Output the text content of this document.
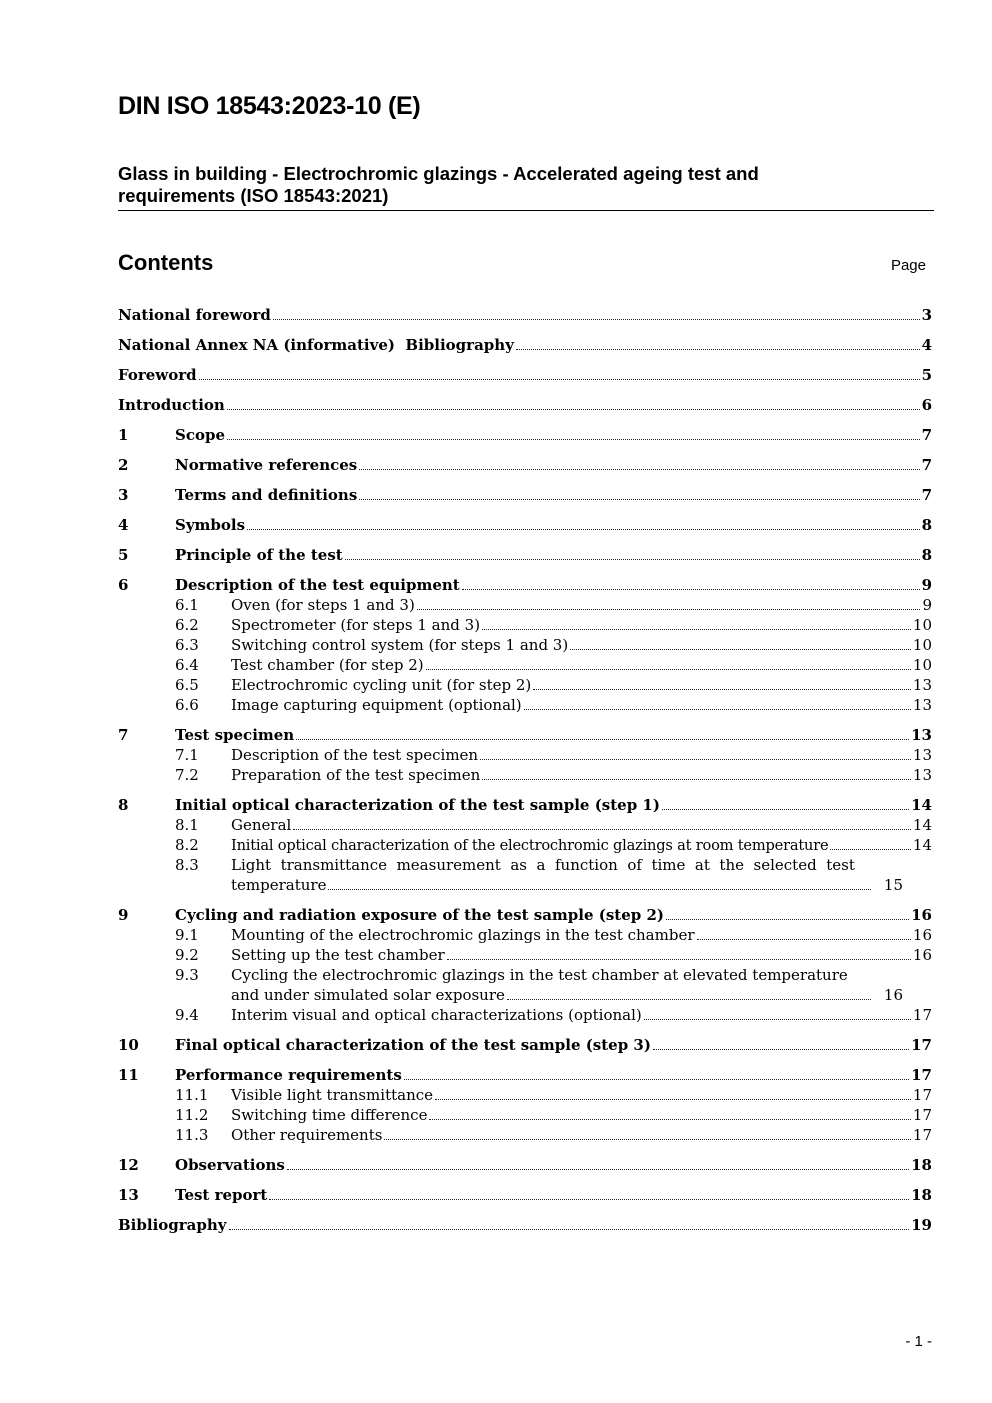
DIN ISO 18543:2023-10 (E)
Glass in building - Electrochromic glazings - Accelerated ageing test and
requirements (ISO 18543:2021)
Contents	Page
National foreword	3
National Annex NA (informative)  Bibliography	4
Foreword	5
Introduction	6
1	Scope	7
2	Normative references	7
3	Terms and definitions	7
4	Symbols	8
5	Principle of the test	8
6	Description of the test equipment	9
6.1	Oven (for steps 1 and 3)	9
6.2	Spectrometer (for steps 1 and 3)	10
6.3	Switching control system (for steps 1 and 3)	10
6.4	Test chamber (for step 2)	10
6.5	Electrochromic cycling unit (for step 2)	13
6.6	Image capturing equipment (optional)	13
7	Test specimen	13
7.1	Description of the test specimen	13
7.2	Preparation of the test specimen	13
8	Initial optical characterization of the test sample (step 1)	14
8.1	General	14
8.2	Initial optical characterization of the electrochromic glazings at room temperature	14
8.3	Light  transmittance  measurement  as  a  function  of  time  at  the  selected  test
temperature	15
9	Cycling and radiation exposure of the test sample (step 2)	16
9.1	Mounting of the electrochromic glazings in the test chamber	16
9.2	Setting up the test chamber	16
9.3	Cycling the electrochromic glazings in the test chamber at elevated temperature
and under simulated solar exposure	16
9.4	Interim visual and optical characterizations (optional)	17
10	Final optical characterization of the test sample (step 3)	17
11	Performance requirements	17
11.1	Visible light transmittance	17
11.2	Switching time difference	17
11.3	Other requirements	17
12	Observations	18
13	Test report	18
Bibliography	19
- 1 -
